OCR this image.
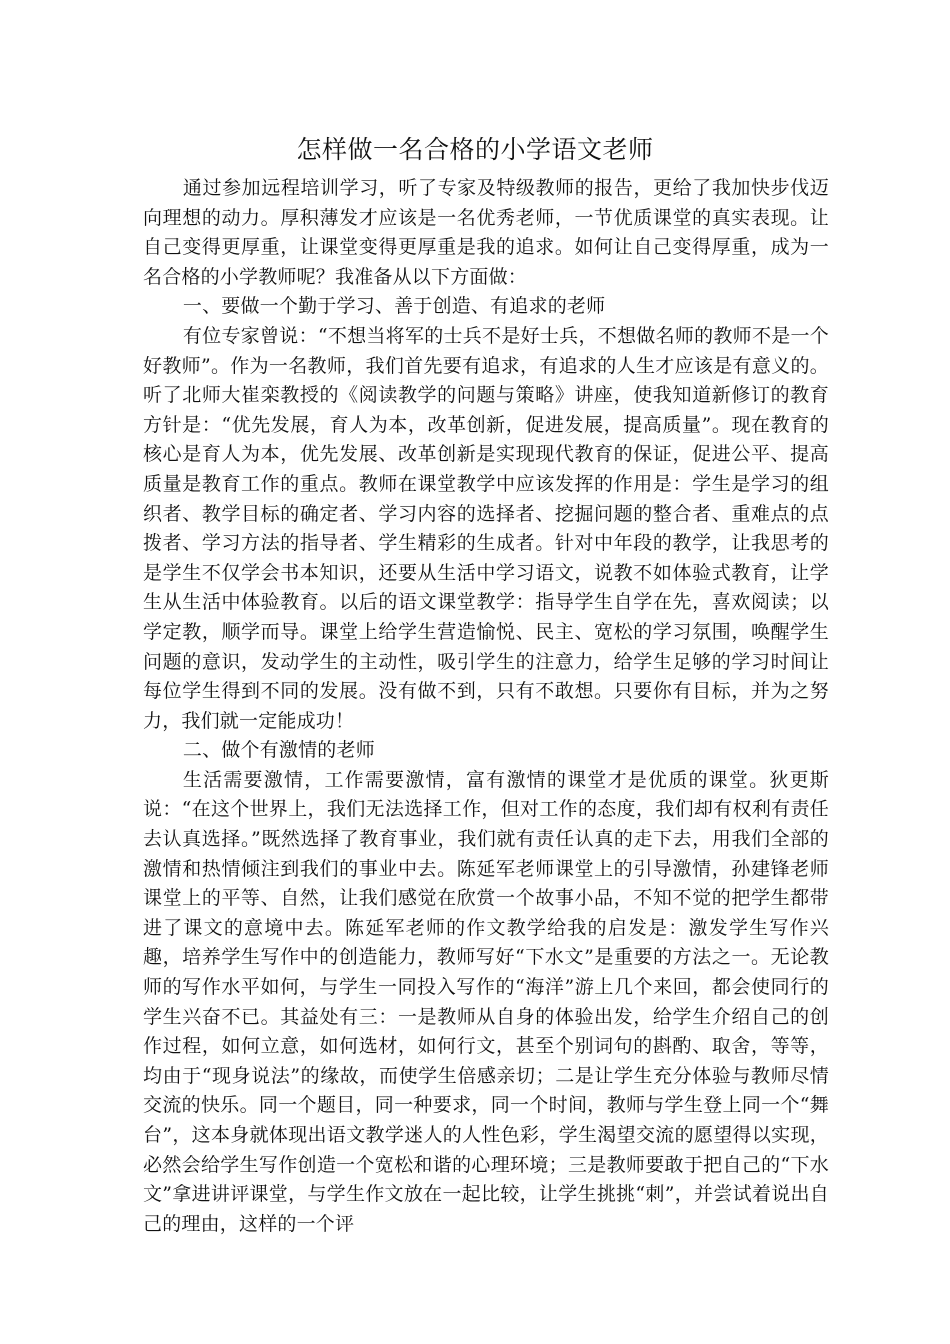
怎样做一名合格的小学语文老师

通过参加远程培训学习，听了专家及特级教师的报告，更给了我加快步伐迈向理想的动力。厚积薄发才应该是一名优秀老师，一节优质课堂的真实表现。让自己变得更厚重，让课堂变得更厚重是我的追求。如何让自己变得厚重，成为一名合格的小学教师呢？我准备从以下方面做：

一、要做一个勤于学习、善于创造、有追求的老师

有位专家曾说：“不想当将军的士兵不是好士兵，不想做名师的教师不是一个好教师”。作为一名教师，我们首先要有追求，有追求的人生才应该是有意义的。听了北师大崔栾教授的《阅读教学的问题与策略》讲座，使我知道新修订的教育方针是：“优先发展，育人为本，改革创新，促进发展，提高质量”。现在教育的核心是育人为本，优先发展、改革创新是实现现代教育的保证，促进公平、提高质量是教育工作的重点。教师在课堂教学中应该发挥的作用是：学生是学习的组织者、教学目标的确定者、学习内容的选择者、挖掘问题的整合者、重难点的点拨者、学习方法的指导者、学生精彩的生成者。针对中年段的教学，让我思考的是学生不仅学会书本知识，还要从生活中学习语文，说教不如体验式教育，让学生从生活中体验教育。以后的语文课堂教学：指导学生自学在先，喜欢阅读；以学定教，顺学而导。课堂上给学生营造愉悦、民主、宽松的学习氛围，唤醒学生问题的意识，发动学生的主动性，吸引学生的注意力，给学生足够的学习时间让每位学生得到不同的发展。没有做不到，只有不敢想。只要你有目标，并为之努力，我们就一定能成功！

二、做个有激情的老师

生活需要激情，工作需要激情，富有激情的课堂才是优质的课堂。狄更斯说：“在这个世界上，我们无法选择工作，但对工作的态度，我们却有权利有责任去认真选择。”既然选择了教育事业，我们就有责任认真的走下去，用我们全部的激情和热情倾注到我们的事业中去。陈延军老师课堂上的引导激情，孙建锋老师课堂上的平等、自然，让我们感觉在欣赏一个故事小品，不知不觉的把学生都带进了课文的意境中去。陈延军老师的作文教学给我的启发是：激发学生写作兴趣，培养学生写作中的创造能力，教师写好“下水文”是重要的方法之一。无论教师的写作水平如何，与学生一同投入写作的“海洋”游上几个来回，都会使同行的学生兴奋不已。其益处有三：一是教师从自身的体验出发，给学生介绍自己的创作过程，如何立意，如何选材，如何行文，甚至个别词句的斟酌、取舍，等等，均由于“现身说法”的缘故，而使学生倍感亲切；二是让学生充分体验与教师尽情交流的快乐。同一个题目，同一种要求，同一个时间，教师与学生登上同一个“舞台”，这本身就体现出语文教学迷人的人性色彩，学生渴望交流的愿望得以实现，必然会给学生写作创造一个宽松和谐的心理环境；三是教师要敢于把自己的“下水文”拿进讲评课堂，与学生作文放在一起比较，让学生挑挑“刺”，并尝试着说出自己的理由，这样的一个评
